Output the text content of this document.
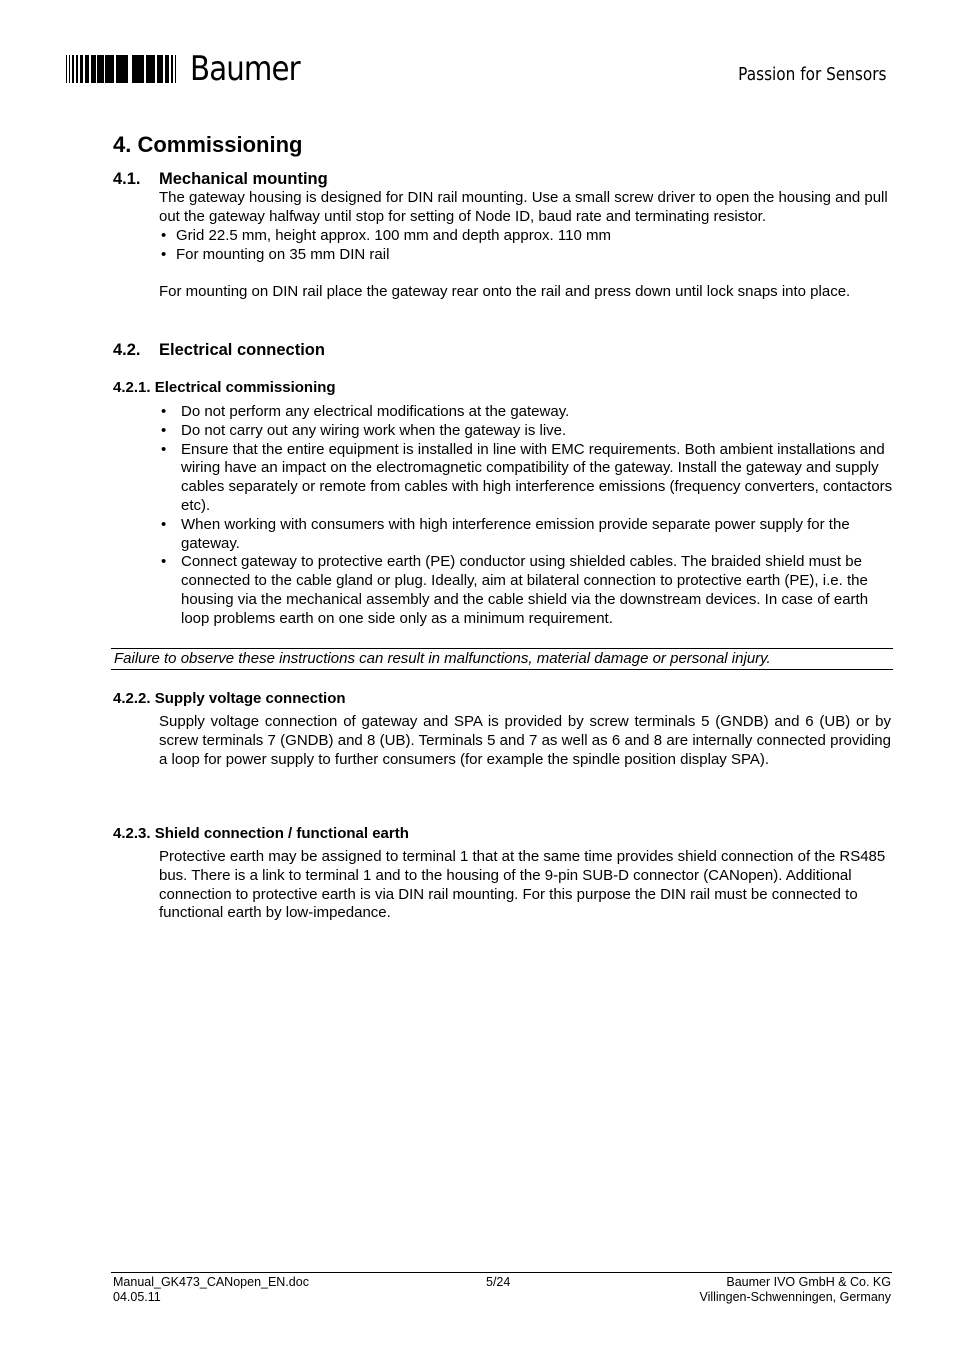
Baumer	Passion for Sensors
4. Commissioning
4.1. Mechanical mounting
The gateway housing is designed for DIN rail mounting. Use a small screw driver to open the housing and pull out the gateway halfway until stop for setting of Node ID, baud rate and terminating resistor.
• Grid 22.5 mm, height approx. 100 mm and depth approx. 110 mm
• For mounting on 35 mm DIN rail
For mounting on DIN rail place the gateway rear onto the rail and press down until lock snaps into place.
4.2. Electrical connection
4.2.1. Electrical commissioning
• Do not perform any electrical modifications at the gateway.
• Do not carry out any wiring work when the gateway is live.
• Ensure that the entire equipment is installed in line with EMC requirements. Both ambient installations and wiring have an impact on the electromagnetic compatibility of the gateway. Install the gateway and supply cables separately or remote from cables with high interference emissions (frequency converters, contactors etc).
• When working with consumers with high interference emission provide separate power supply for the gateway.
• Connect gateway to protective earth (PE) conductor using shielded cables. The braided shield must be connected to the cable gland or plug. Ideally, aim at bilateral connection to protective earth (PE), i.e. the housing via the mechanical assembly and the cable shield via the downstream devices. In case of earth loop problems earth on one side only as a minimum requirement.
4.2.2. Supply voltage connection
Supply voltage connection of gateway and SPA is provided by screw terminals 5 (GNDB) and 6 (UB) or by screw terminals 7 (GNDB) and 8 (UB). Terminals 5 and 7 as well as 6 and 8 are internally connected providing a loop for power supply to further consumers (for example the spindle position display SPA).
4.2.3. Shield connection / functional earth
Protective earth may be assigned to terminal 1 that at the same time provides shield connection of the RS485 bus. There is a link to terminal 1 and to the housing of the 9-pin SUB-D connector (CANopen). Additional connection to protective earth is via DIN rail mounting. For this purpose the DIN rail must be connected to functional earth by low-impedance.
Failure to observe these instructions can result in malfunctions, material damage or personal injury.
Manual_GK473_CANopen_EN.doc
04.05.11
5/24	Baumer IVO GmbH & Co. KG
Villingen-Schwenningen, Germany
